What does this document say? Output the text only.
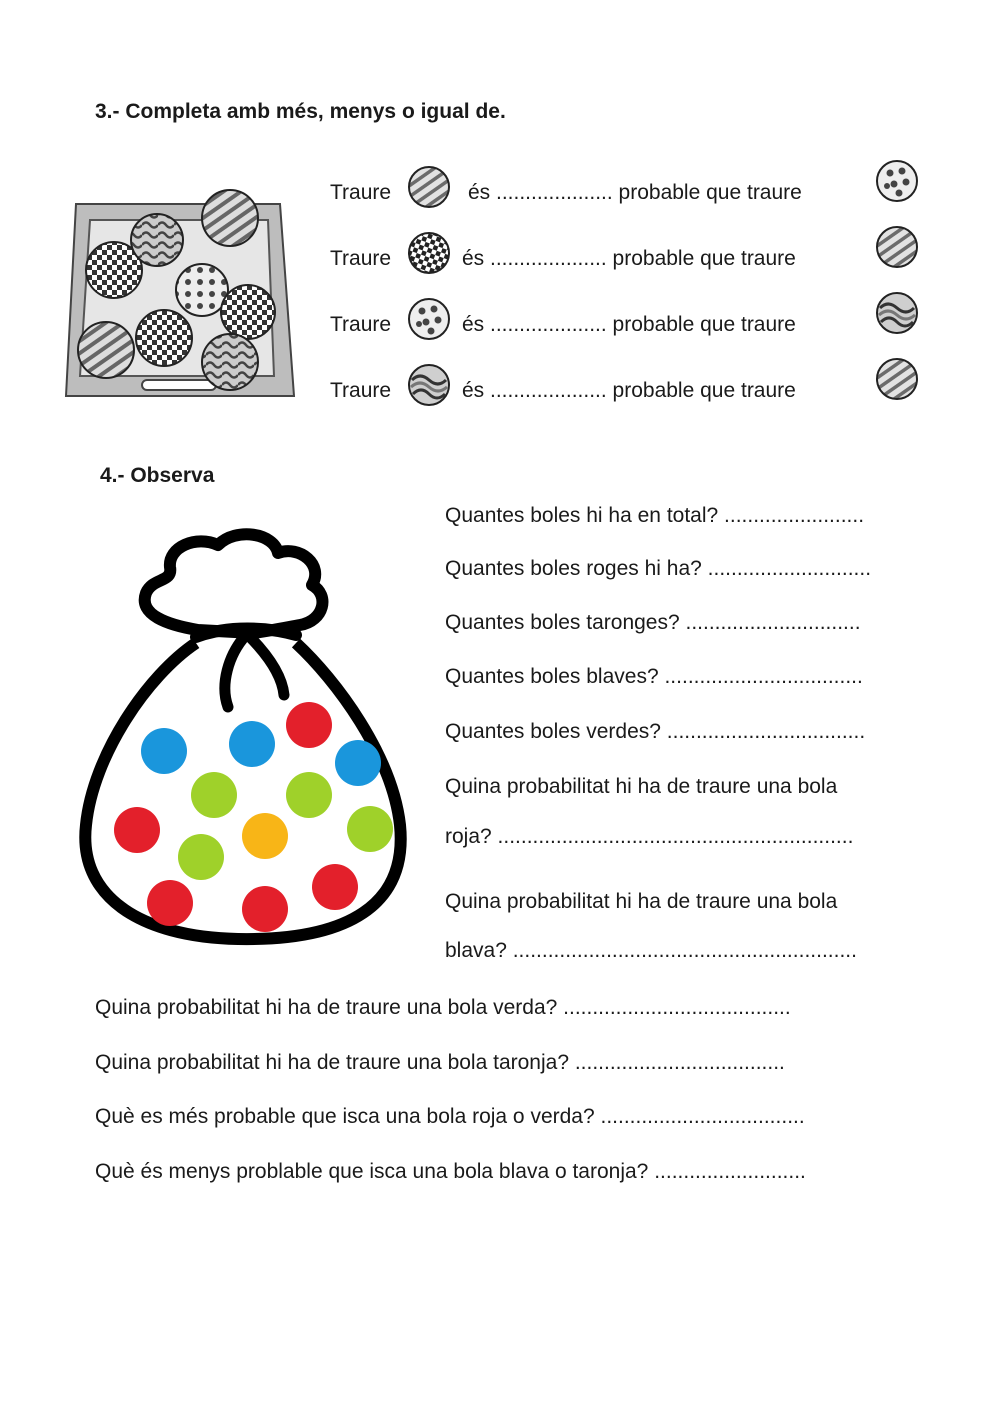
3.- Completa amb més, menys o igual de.
Traure	és .................... probable que traure
Traure	és .................... probable que traure
Traure	és .................... probable que traure
Traure	és .................... probable que traure
4.- Observa
Quantes boles hi ha en total? ........................
Quantes boles roges hi ha? ............................
Quantes boles taronges? ..............................
Quantes boles blaves? ..................................
Quantes boles verdes? ..................................
Quina probabilitat hi ha de traure una bola
roja? .............................................................
Quina probabilitat hi ha de traure una bola
blava? ...........................................................
Quina probabilitat hi ha de traure una bola verda? .......................................
Quina probabilitat hi ha de traure una bola taronja? ....................................
Què es més probable que isca una bola roja o verda? ...................................
Què és menys problable que isca una bola blava o taronja? ..........................
